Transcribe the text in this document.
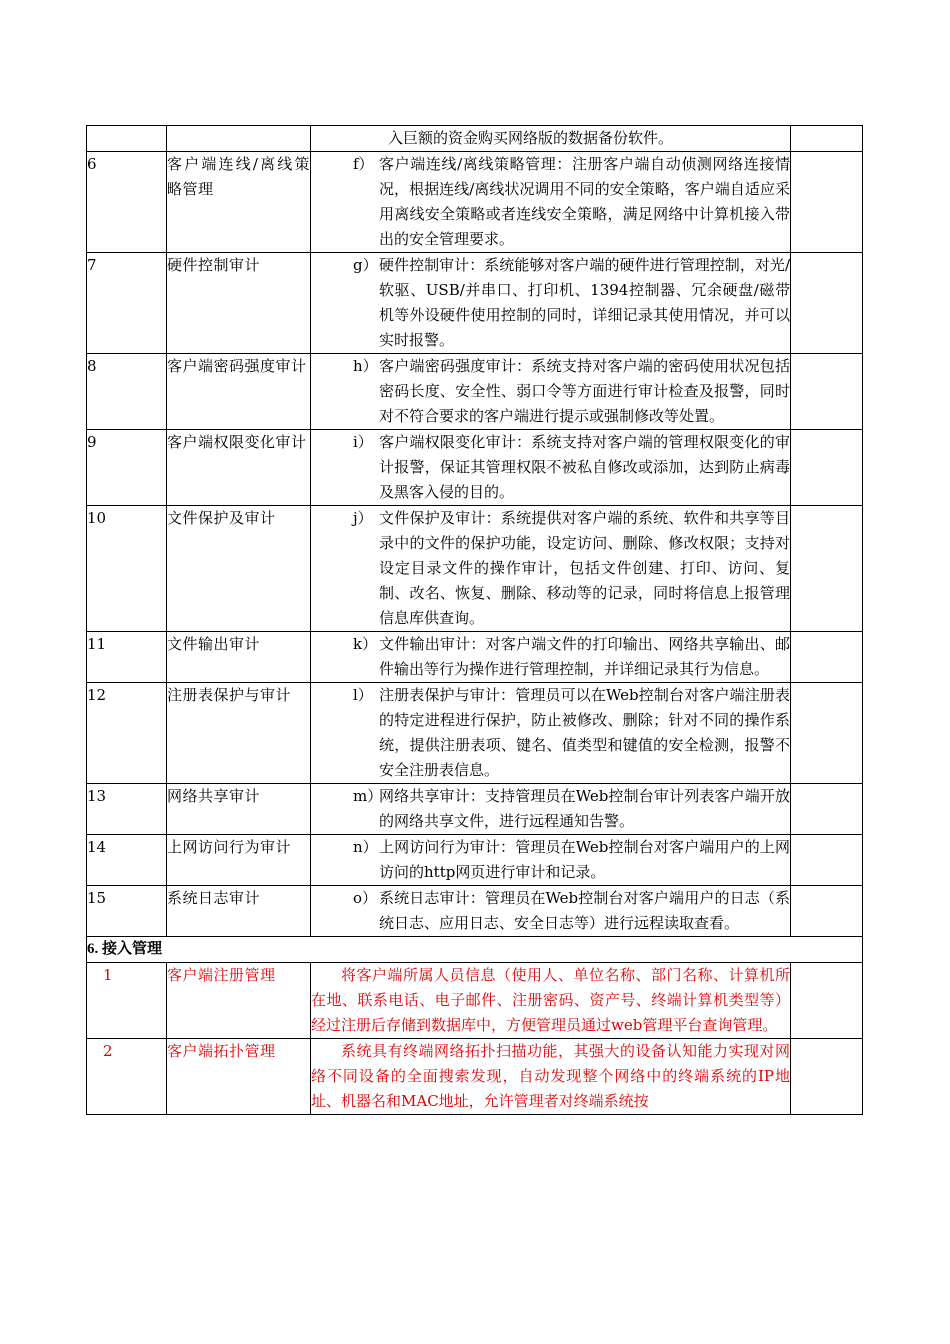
		入巨额的资金购买网络版的数据备份软件。	
6	客户端连线/离线策略管理	f） 客户端连线/离线策略管理：注册客户端自动侦测网络连接情况，根据连线/离线状况调用不同的安全策略，客户端自适应采用离线安全策略或者连线安全策略，满足网络中计算机接入带出的安全管理要求。	

7	硬件控制审计	g） 硬件控制审计：系统能够对客户端的硬件进行管理控制，对光/软驱、USB/并串口、打印机、1394控制器、冗余硬盘/磁带机等外设硬件使用控制的同时，详细记录其使用情况，并可以实时报警。	

8	客户端密码强度审计	h） 客户端密码强度审计：系统支持对客户端的密码使用状况包括密码长度、安全性、弱口令等方面进行审计检查及报警，同时对不符合要求的客户端进行提示或强制修改等处置。	

9	客户端权限变化审计	i） 客户端权限变化审计：系统支持对客户端的管理权限变化的审计报警，保证其管理权限不被私自修改或添加，达到防止病毒及黑客入侵的目的。	

10	文件保护及审计	j） 文件保护及审计：系统提供对客户端的系统、软件和共享等目录中的文件的保护功能，设定访问、删除、修改权限；支持对设定目录文件的操作审计，包括文件创建、打印、访问、复制、改名、恢复、删除、移动等的记录，同时将信息上报管理信息库供查询。	

11	文件输出审计	k） 文件输出审计：对客户端文件的打印输出、网络共享输出、邮件输出等行为操作进行管理控制，并详细记录其行为信息。	

12	注册表保护与审计	l） 注册表保护与审计：管理员可以在Web控制台对客户端注册表的特定进程进行保护，防止被修改、删除；针对不同的操作系统，提供注册表项、键名、值类型和键值的安全检测，报警不安全注册表信息。	

13	网络共享审计	m）
网络共享审计：支持管理员在Web控制台审计列表客户端开放的网络共享文件，进行远程通知告警。	

14	上网访问行为审计	n） 上网访问行为审计：管理员在Web控制台对客户端用户的上网访问的http网页进行审计和记录。	

15	系统日志审计	o） 系统日志审计：管理员在Web控制台对客户端用户的日志（系统日志、应用日志、安全日志等）进行远程读取查看。	

6. 接入管理			
1	客户端注册管理	将客户端所属人员信息（使用人、单位名称、部门名称、计算机所在地、联系电话、电子邮件、注册密码、资产号、终端计算机类型等）经过注册后存储到数据库中，方便管理员通过web管理平台查询管理。	
2	客户端拓扑管理	系统具有终端网络拓扑扫描功能，其强大的设备认知能力实现对网络不同设备的全面搜索发现，自动发现整个网络中的终端系统的IP地址、机器名和MAC地址，允许管理者对终端系统按	
